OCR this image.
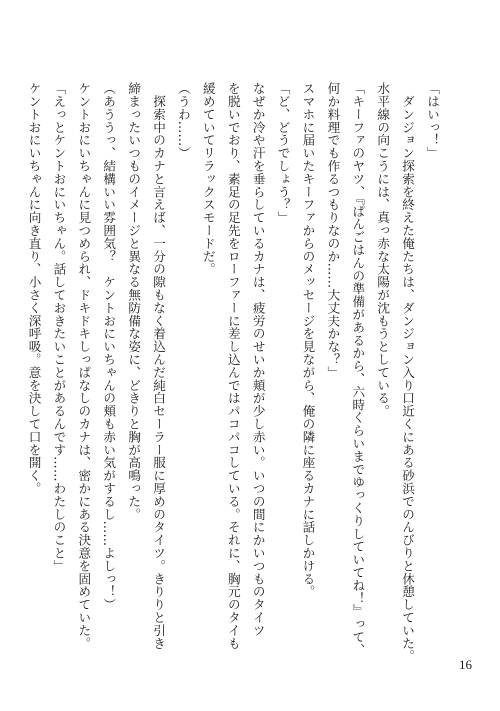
「はいっ！」

　ダンジョン探索を終えた俺たちは、ダンジョン入り口近くにある砂浜でのんびりと休憩していた。

水平線の向こうには、真っ赤な太陽が沈もうとしている。

「キーファのヤツ、『ぱんごはんの準備があるから、六時くらいまでゆっくりしていてね！』って、

何か料理でも作るつもりなのか……大丈夫かな？」

スマホに届いたキーファからのメッセージを見ながら、俺の隣に座るカナに話しかける。

「ど、どうでしょう？」

なぜか冷や汗を垂らしているカナは、疲労のせいか頬が少し赤い。いつの間にかいつものタイツ

を脱いでおり、素足の足先をローファーに差し込んではパコパコしている。それに、胸元のタイも

緩めていてリラックスモードだ。

（うわ……）

　探索中のカナと言えば、一分の隙もなく着込んだ純白セーラー服に厚めのタイツ。きりりと引き

締まったいつものイメージと異なる無防備な姿に、どきりと胸が高鳴った。

（あううっ、結構いい雰囲気？　ケントおにいちゃんの頬も赤い気がするし……よしっ！）

ケントおにいちゃんに見つめられ、ドキドキしっぱなしのカナは、密かにある決意を固めていた。

「えっとケントおにいちゃん。話しておきたいことがあるんです……わたしのこと」

ケントおにいちゃんに向き直り、小さく深呼吸。意を決して口を開く。

16
